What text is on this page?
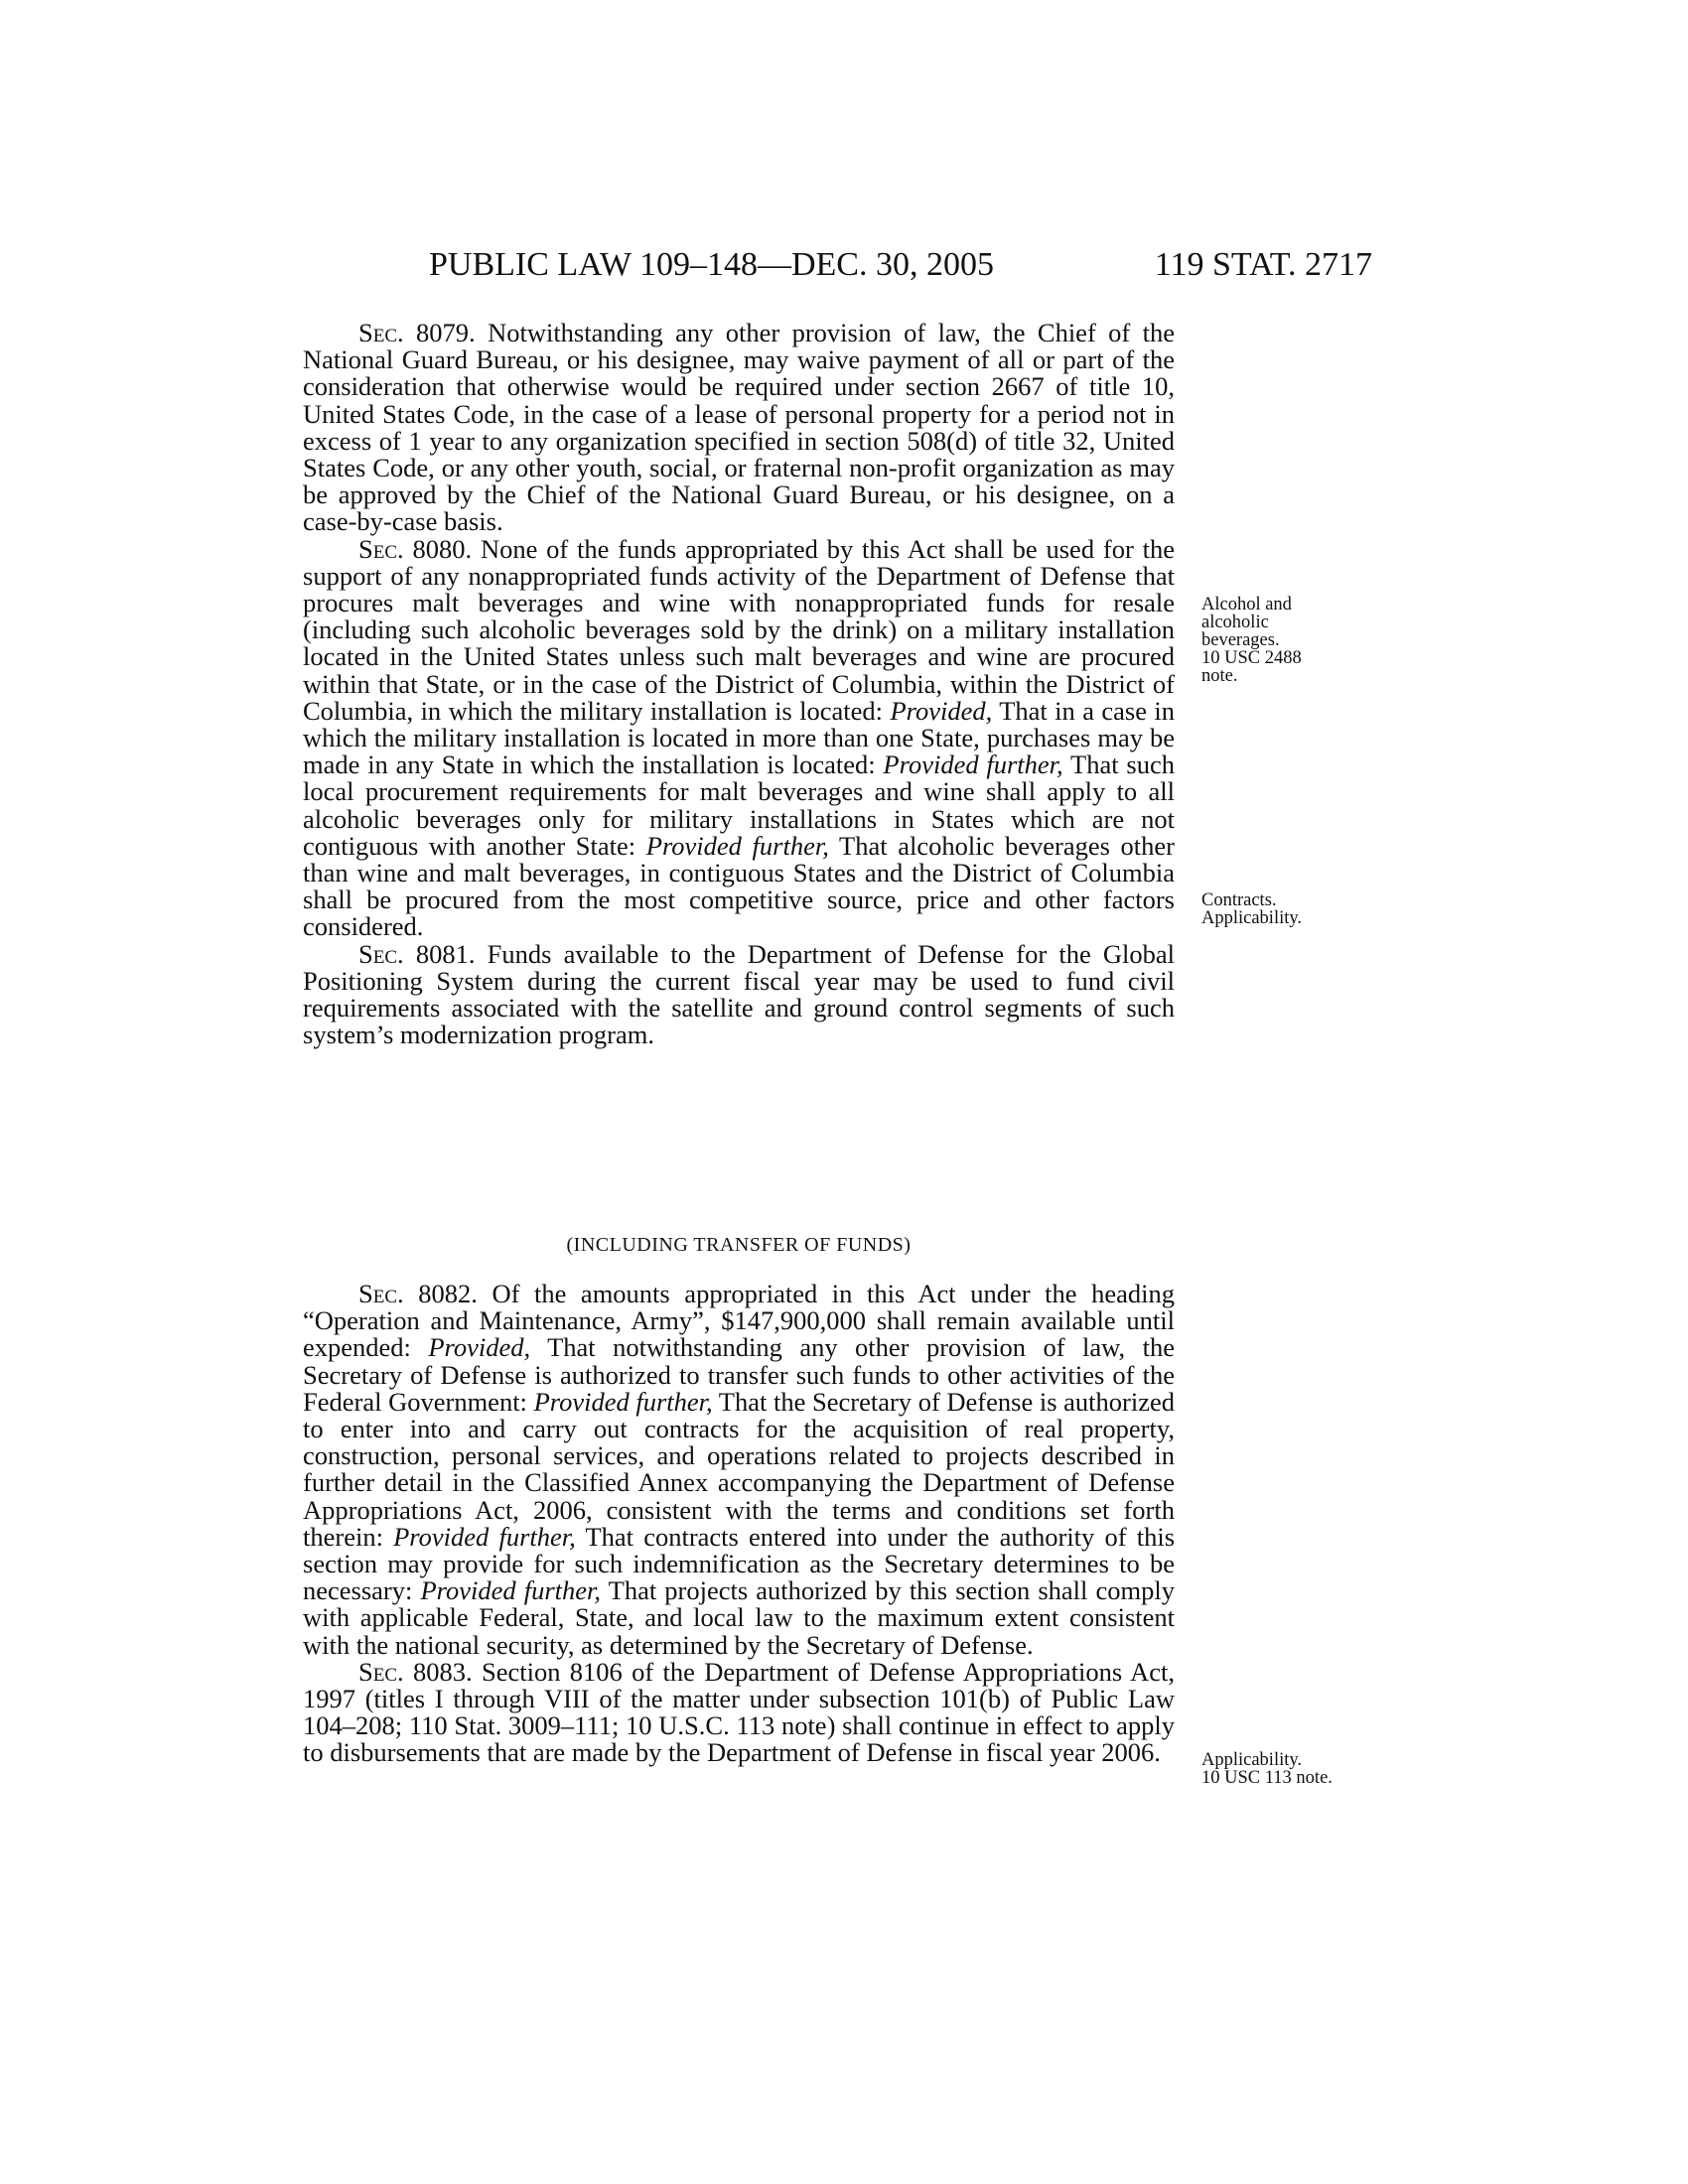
PUBLIC LAW 109–148—DEC. 30, 2005	119 STAT. 2717

Sec. 8079. Notwithstanding any other provision of law, the Chief of the National Guard Bureau, or his designee, may waive payment of all or part of the consideration that otherwise would be required under section 2667 of title 10, United States Code, in the case of a lease of personal property for a period not in excess of 1 year to any organization specified in section 508(d) of title 32, United States Code, or any other youth, social, or fraternal non-profit organization as may be approved by the Chief of the National Guard Bureau, or his designee, on a case-by-case basis.

Sec. 8080. None of the funds appropriated by this Act shall be used for the support of any nonappropriated funds activity of the Department of Defense that procures malt beverages and wine with nonappropriated funds for resale (including such alcoholic beverages sold by the drink) on a military installation located in the United States unless such malt beverages and wine are procured within that State, or in the case of the District of Columbia, within the District of Columbia, in which the military installation is located: Provided, That in a case in which the military installation is located in more than one State, purchases may be made in any State in which the installation is located: Provided further, That such local procurement requirements for malt beverages and wine shall apply to all alcoholic beverages only for military installations in States which are not contiguous with another State: Provided further, That alcoholic beverages other than wine and malt beverages, in contiguous States and the District of Columbia shall be procured from the most competitive source, price and other factors considered.

Sec. 8081. Funds available to the Department of Defense for the Global Positioning System during the current fiscal year may be used to fund civil requirements associated with the satellite and ground control segments of such system’s modernization program.

(INCLUDING TRANSFER OF FUNDS)

Sec. 8082. Of the amounts appropriated in this Act under the heading “Operation and Maintenance, Army”, $147,900,000 shall remain available until expended: Provided, That notwithstanding any other provision of law, the Secretary of Defense is authorized to transfer such funds to other activities of the Federal Government: Provided further, That the Secretary of Defense is authorized to enter into and carry out contracts for the acquisition of real property, construction, personal services, and operations related to projects described in further detail in the Classified Annex accompanying the Department of Defense Appropriations Act, 2006, consistent with the terms and conditions set forth therein: Provided further, That contracts entered into under the authority of this section may provide for such indemnification as the Secretary determines to be necessary: Provided further, That projects authorized by this section shall comply with applicable Federal, State, and local law to the maximum extent consistent with the national security, as determined by the Secretary of Defense.

Sec. 8083. Section 8106 of the Department of Defense Appropriations Act, 1997 (titles I through VIII of the matter under subsection 101(b) of Public Law 104–208; 110 Stat. 3009–111; 10 U.S.C. 113 note) shall continue in effect to apply to disbursements that are made by the Department of Defense in fiscal year 2006.

Alcohol and
alcoholic
beverages.
10 USC 2488
note.
Contracts.
Applicability.
Applicability.
10 USC 113 note.
